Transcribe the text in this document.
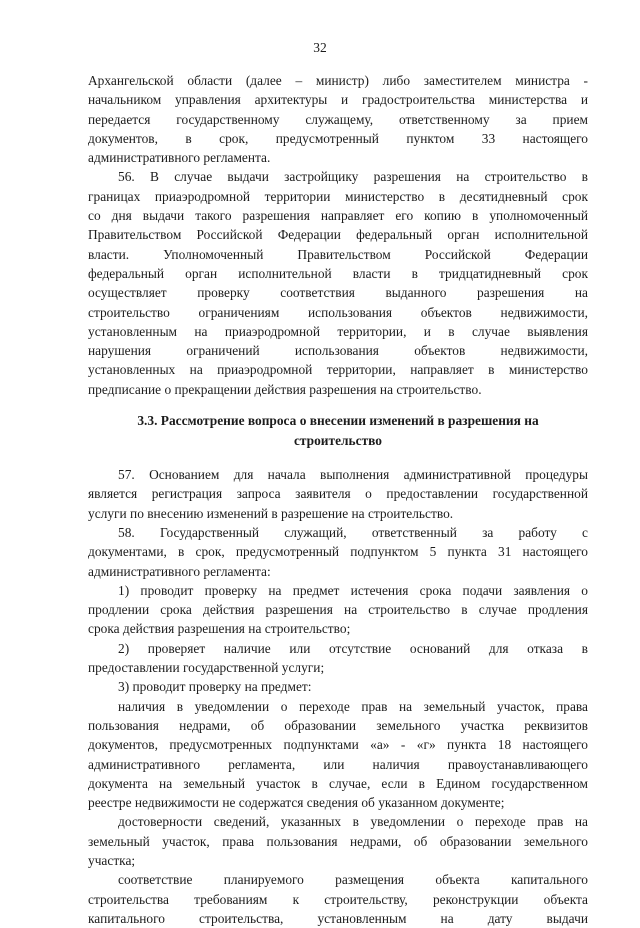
32
Архангельской области (далее – министр) либо заместителем министра -
начальником управления архитектуры и градостроительства министерства и
передается государственному служащему, ответственному за прием
документов, в срок, предусмотренный пунктом 33 настоящего
административного регламента.
56. В случае выдачи застройщику разрешения на строительство в
границах приаэродромной территории министерство в десятидневный срок
со дня выдачи такого разрешения направляет его копию в уполномоченный
Правительством Российской Федерации федеральный орган исполнительной
власти. Уполномоченный Правительством Российской Федерации
федеральный орган исполнительной власти в тридцатидневный срок
осуществляет проверку соответствия выданного разрешения на
строительство ограничениям использования объектов недвижимости,
установленным на приаэродромной территории, и в случае выявления
нарушения ограничений использования объектов недвижимости,
установленных на приаэродромной территории, направляет в министерство
предписание о прекращении действия разрешения на строительство.
3.3. Рассмотрение вопроса о внесении изменений в разрешения на
строительство
57. Основанием для начала выполнения административной процедуры
является регистрация запроса заявителя о предоставлении государственной
услуги по внесению изменений в разрешение на строительство.
58. Государственный служащий, ответственный за работу с
документами, в срок, предусмотренный подпунктом 5 пункта 31 настоящего
административного регламента:
1) проводит проверку на предмет истечения срока подачи заявления о
продлении срока действия разрешения на строительство в случае продления
срока действия разрешения на строительство;
2) проверяет наличие или отсутствие оснований для отказа в
предоставлении государственной услуги;
3) проводит проверку на предмет:
наличия в уведомлении о переходе прав на земельный участок, права
пользования недрами, об образовании земельного участка реквизитов
документов, предусмотренных подпунктами «а» - «г» пункта 18 настоящего
административного регламента, или наличия правоустанавливающего
документа на земельный участок в случае, если в Едином государственном
реестре недвижимости не содержатся сведения об указанном документе;
достоверности сведений, указанных в уведомлении о переходе прав на
земельный участок, права пользования недрами, об образовании земельного
участка;
соответствие планируемого размещения объекта капитального
строительства требованиям к строительству, реконструкции объекта
капитального строительства, установленным на дату выдачи
